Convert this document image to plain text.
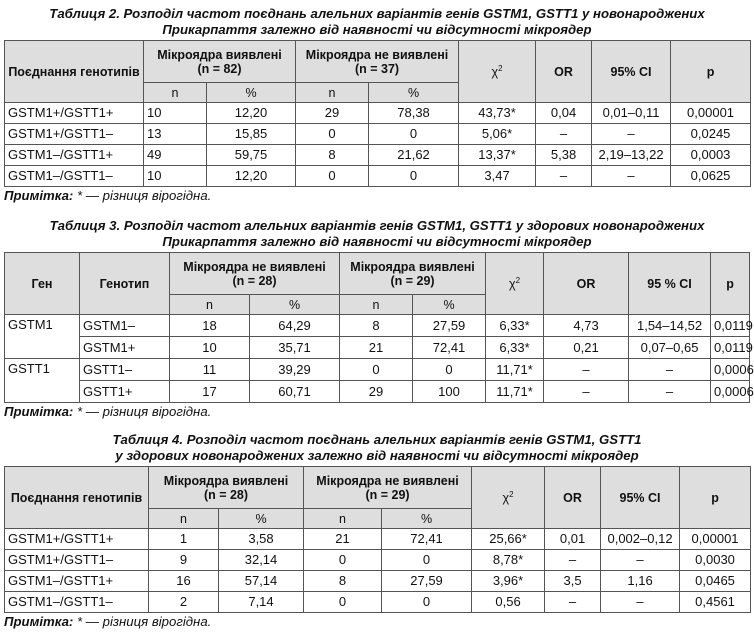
Таблиця 2. Розподіл частот поєднань алельних варіантів генів GSTM1, GSTT1 у новонароджених
Прикарпаття залежно від наявності чи відсутності мікроядер
Поєднання генотипів	Мікроядра виявлені
(n = 82)		Мікроядра не виявлені
(n = 37)		$\chi^2$	OR	95% CI	p
	n	%	n	%				
GSTM1+/GSTT1+	10	12,20	29	78,38	43,73*	0,04	0,01–0,11	0,00001
GSTM1+/GSTT1–	13	15,85	0	0	5,06*	–	–	0,0245
GSTM1–/GSTT1+	49	59,75	8	21,62	13,37*	5,38	2,19–13,22	0,0003
GSTM1–/GSTT1–	10	12,20	0	0	3,47	–	–	0,0625
Примітка: * — різниця вірогідна.
Таблиця 3. Розподіл частот алельних варіантів генів GSTM1, GSTT1 у здорових новонароджених
Прикарпаття залежно від наявності чи відсутності мікроядер
Ген	Генотип	Мікроядра не виявлені
(n = 28)		Мікроядра виявлені
(n = 29)		$\chi^2$	OR	95 % CI	p
		n	%	n	%				
GSTM1	GSTM1–	18	64,29	8	27,59	6,33*	4,73	1,54–14,52	0,0119
	GSTM1+	10	35,71	21	72,41	6,33*	0,21	0,07–0,65	0,0119
GSTT1	GSTT1–	11	39,29	0	0	11,71*	–	–	0,0006
	GSTT1+	17	60,71	29	100	11,71*	–	–	0,0006
Примітка: * — різниця вірогідна.
Таблиця 4. Розподіл частот поєднань алельних варіантів генів GSTM1, GSTT1
у здорових новонароджених залежно від наявності чи відсутності мікроядер
Поєднання генотипів	Мікроядра виявлені
(n = 28)		Мікроядра не виявлені
(n = 29)		$\chi^2$	OR	95% CI	p
	n	%	n	%				
GSTM1+/GSTT1+	1	3,58	21	72,41	25,66*	0,01	0,002–0,12	0,00001
GSTM1+/GSTT1–	9	32,14	0	0	8,78*	–	–	0,0030
GSTM1–/GSTT1+	16	57,14	8	27,59	3,96*	3,5	1,16	0,0465
GSTM1–/GSTT1–	2	7,14	0	0	0,56	–	–	0,4561
Примітка: * — різниця вірогідна.
